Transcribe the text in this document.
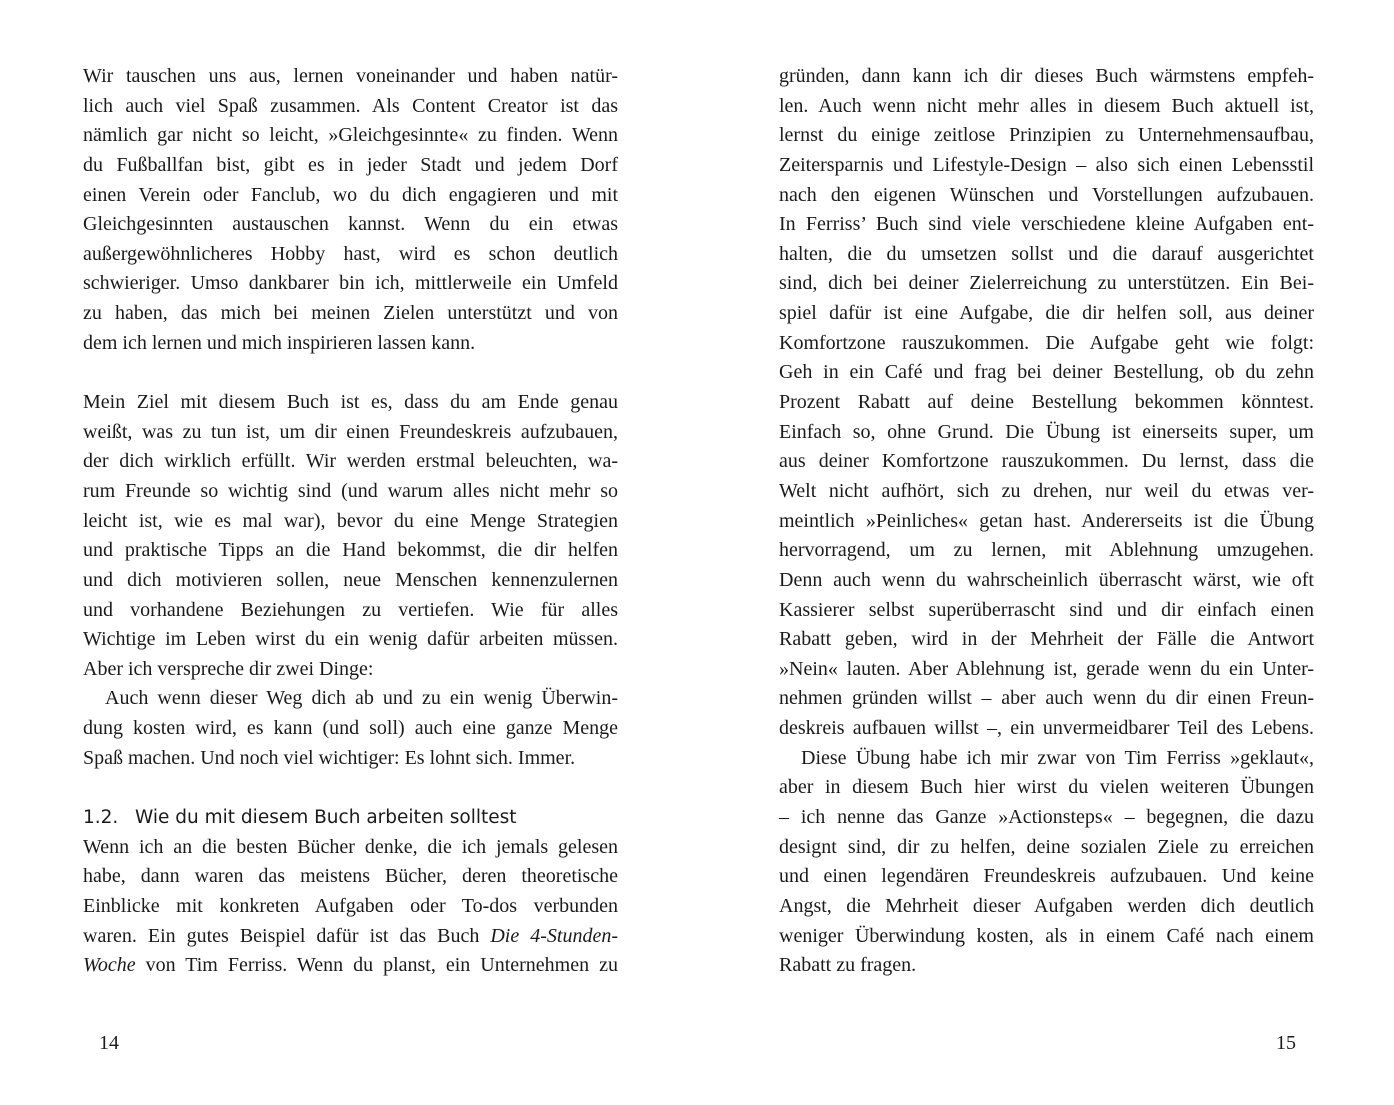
Wir tauschen uns aus, lernen voneinander und haben natür-
lich auch viel Spaß zusammen. Als Content Creator ist das
nämlich gar nicht so leicht, »Gleichgesinnte« zu finden. Wenn
du Fußballfan bist, gibt es in jeder Stadt und jedem Dorf
einen Verein oder Fanclub, wo du dich engagieren und mit
Gleichgesinnten austauschen kannst. Wenn du ein etwas
außergewöhnlicheres Hobby hast, wird es schon deutlich
schwieriger. Umso dankbarer bin ich, mittlerweile ein Umfeld
zu haben, das mich bei meinen Zielen unterstützt und von
dem ich lernen und mich inspirieren lassen kann.
Mein Ziel mit diesem Buch ist es, dass du am Ende genau
weißt, was zu tun ist, um dir einen Freundeskreis aufzubauen,
der dich wirklich erfüllt. Wir werden erstmal beleuchten, wa-
rum Freunde so wichtig sind (und warum alles nicht mehr so
leicht ist, wie es mal war), bevor du eine Menge Strategien
und praktische Tipps an die Hand bekommst, die dir helfen
und dich motivieren sollen, neue Menschen kennenzulernen
und vorhandene Beziehungen zu vertiefen. Wie für alles
Wichtige im Leben wirst du ein wenig dafür arbeiten müssen.
Aber ich verspreche dir zwei Dinge:
Auch wenn dieser Weg dich ab und zu ein wenig Überwin-
dung kosten wird, es kann (und soll) auch eine ganze Menge
Spaß machen. Und noch viel wichtiger: Es lohnt sich. Immer.
1.2. Wie du mit diesem Buch arbeiten solltest
Wenn ich an die besten Bücher denke, die ich jemals gelesen
habe, dann waren das meistens Bücher, deren theoretische
Einblicke mit konkreten Aufgaben oder To-dos verbunden
waren. Ein gutes Beispiel dafür ist das Buch Die 4-Stunden-
Woche von Tim Ferriss. Wenn du planst, ein Unternehmen zu
gründen, dann kann ich dir dieses Buch wärmstens empfeh-
len. Auch wenn nicht mehr alles in diesem Buch aktuell ist,
lernst du einige zeitlose Prinzipien zu Unternehmensaufbau,
Zeitersparnis und Lifestyle-Design – also sich einen Lebensstil
nach den eigenen Wünschen und Vorstellungen aufzubauen.
In Ferriss’ Buch sind viele verschiedene kleine Aufgaben ent-
halten, die du umsetzen sollst und die darauf ausgerichtet
sind, dich bei deiner Zielerreichung zu unterstützen. Ein Bei-
spiel dafür ist eine Aufgabe, die dir helfen soll, aus deiner
Komfortzone rauszukommen. Die Aufgabe geht wie folgt:
Geh in ein Café und frag bei deiner Bestellung, ob du zehn
Prozent Rabatt auf deine Bestellung bekommen könntest.
Einfach so, ohne Grund. Die Übung ist einerseits super, um
aus deiner Komfortzone rauszukommen. Du lernst, dass die
Welt nicht aufhört, sich zu drehen, nur weil du etwas ver-
meintlich »Peinliches« getan hast. Andererseits ist die Übung
hervorragend, um zu lernen, mit Ablehnung umzugehen.
Denn auch wenn du wahrscheinlich überrascht wärst, wie oft
Kassierer selbst superüberrascht sind und dir einfach einen
Rabatt geben, wird in der Mehrheit der Fälle die Antwort
»Nein« lauten. Aber Ablehnung ist, gerade wenn du ein Unter-
nehmen gründen willst – aber auch wenn du dir einen Freun-
deskreis aufbauen willst –, ein unvermeidbarer Teil des Lebens.
Diese Übung habe ich mir zwar von Tim Ferriss »geklaut«,
aber in diesem Buch hier wirst du vielen weiteren Übungen
– ich nenne das Ganze »Actionsteps« – begegnen, die dazu
designt sind, dir zu helfen, deine sozialen Ziele zu erreichen
und einen legendären Freundeskreis aufzubauen. Und keine
Angst, die Mehrheit dieser Aufgaben werden dich deutlich
weniger Überwindung kosten, als in einem Café nach einem
Rabatt zu fragen.
14	15
